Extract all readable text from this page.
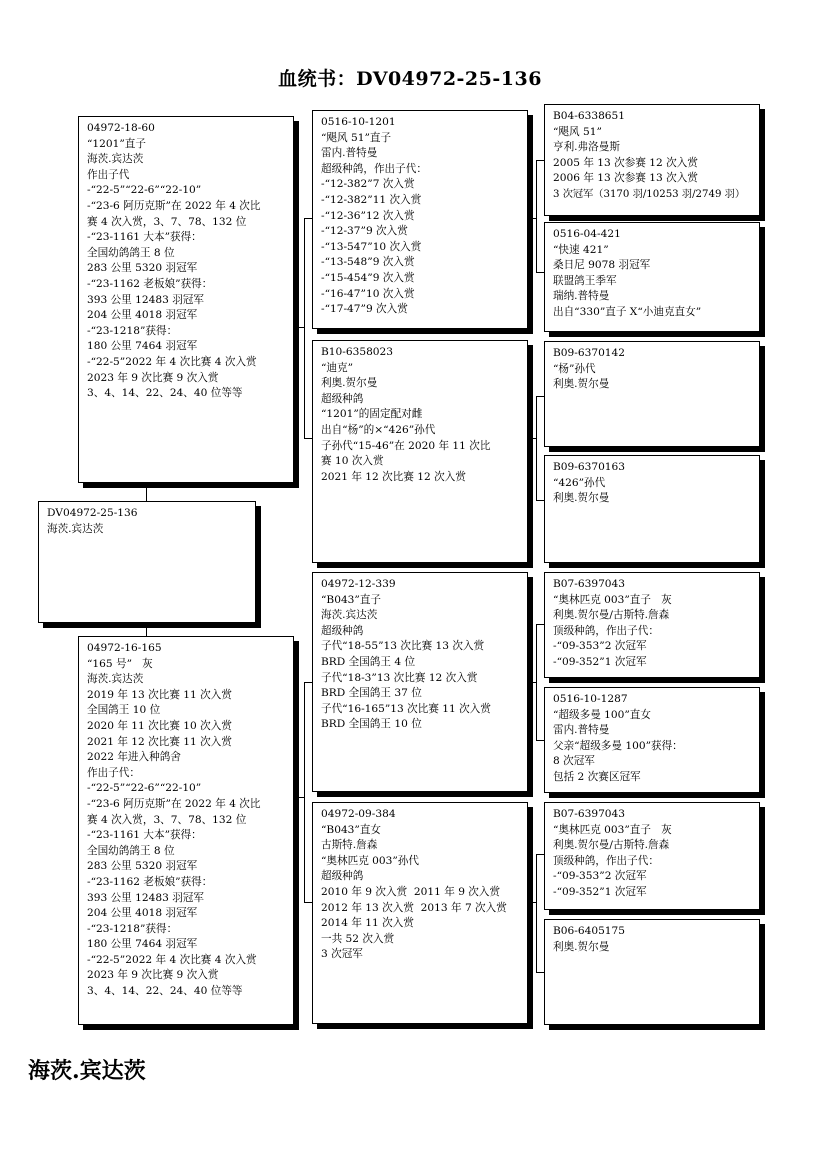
血统书：DV04972-25-136
DV04972-25-136
海茨.宾达茨
04972-18-60
“1201”直子
海茨.宾达茨
作出子代
-“22-5”“22-6”“22-10”
-“23-6 阿历克斯”在 2022 年 4 次比
赛 4 次入赏，3、7、78、132 位
-“23-1161 大本”获得：
全国幼鸽鸽王 8 位
283 公里 5320 羽冠军
-“23-1162 老板娘”获得：
393 公里 12483 羽冠军
204 公里 4018 羽冠军
-“23-1218”获得：
180 公里 7464 羽冠军
-“22-5”2022 年 4 次比赛 4 次入赏
2023 年 9 次比赛 9 次入赏
3、4、14、22、24、40 位等等
04972-16-165
“165 号”   灰
海茨.宾达茨
2019 年 13 次比赛 11 次入赏
全国鸽王 10 位
2020 年 11 次比赛 10 次入赏
2021 年 12 次比赛 11 次入赏
2022 年进入种鸽舍
作出子代：
-“22-5”“22-6”“22-10”
-“23-6 阿历克斯”在 2022 年 4 次比
赛 4 次入赏，3、7、78、132 位
-“23-1161 大本”获得：
全国幼鸽鸽王 8 位
283 公里 5320 羽冠军
-“23-1162 老板娘”获得：
393 公里 12483 羽冠军
204 公里 4018 羽冠军
-“23-1218”获得：
180 公里 7464 羽冠军
-“22-5”2022 年 4 次比赛 4 次入赏
2023 年 9 次比赛 9 次入赏
3、4、14、22、24、40 位等等
0516-10-1201
“飓风 51”直子
雷内.普特曼
超级种鸽，作出子代：
-“12-382”7 次入赏
-“12-382”11 次入赏
-“12-36”12 次入赏
-“12-37”9 次入赏
-“13-547”10 次入赏
-“13-548”9 次入赏
-“15-454”9 次入赏
-“16-47”10 次入赏
-“17-47”9 次入赏
B10-6358023
“迪克”
利奥.贺尔曼
超级种鸽
“1201”的固定配对雌
出自“杨”的×“426”孙代
子孙代“15-46”在 2020 年 11 次比
赛 10 次入赏
2021 年 12 次比赛 12 次入赏
04972-12-339
“B043”直子
海茨.宾达茨
超级种鸽
子代“18-55”13 次比赛 13 次入赏
BRD 全国鸽王 4 位
子代“18-3”13 次比赛 12 次入赏
BRD 全国鸽王 37 位
子代“16-165”13 次比赛 11 次入赏
BRD 全国鸽王 10 位
04972-09-384
“B043”直女
古斯特.詹森
“奥林匹克 003”孙代
超级种鸽
2010 年 9 次入赏  2011 年 9 次入赏
2012 年 13 次入赏  2013 年 7 次入赏
2014 年 11 次入赏
一共 52 次入赏
3 次冠军
B04-6338651
“飓风 51”
亨利.弗洛曼斯
2005 年 13 次参赛 12 次入赏
2006 年 13 次参赛 13 次入赏
3 次冠军（3170 羽/10253 羽/2749 羽）
0516-04-421
“快速 421”
桑日尼 9078 羽冠军
联盟鸽王季军
瑞纳.普特曼
出自“330”直子 X“小迪克直女”
B09-6370142
“杨”孙代
利奥.贺尔曼
B09-6370163
“426”孙代
利奥.贺尔曼
B07-6397043
“奥林匹克 003”直子   灰
利奥.贺尔曼/古斯特.詹森
顶级种鸽，作出子代：
-“09-353”2 次冠军
-“09-352”1 次冠军
0516-10-1287
“超级多曼 100”直女
雷内.普特曼
父亲“超级多曼 100”获得：
8 次冠军
包括 2 次赛区冠军
B07-6397043
“奥林匹克 003”直子   灰
利奥.贺尔曼/古斯特.詹森
顶级种鸽，作出子代：
-“09-353”2 次冠军
-“09-352”1 次冠军
B06-6405175
利奥.贺尔曼
海茨.宾达茨
